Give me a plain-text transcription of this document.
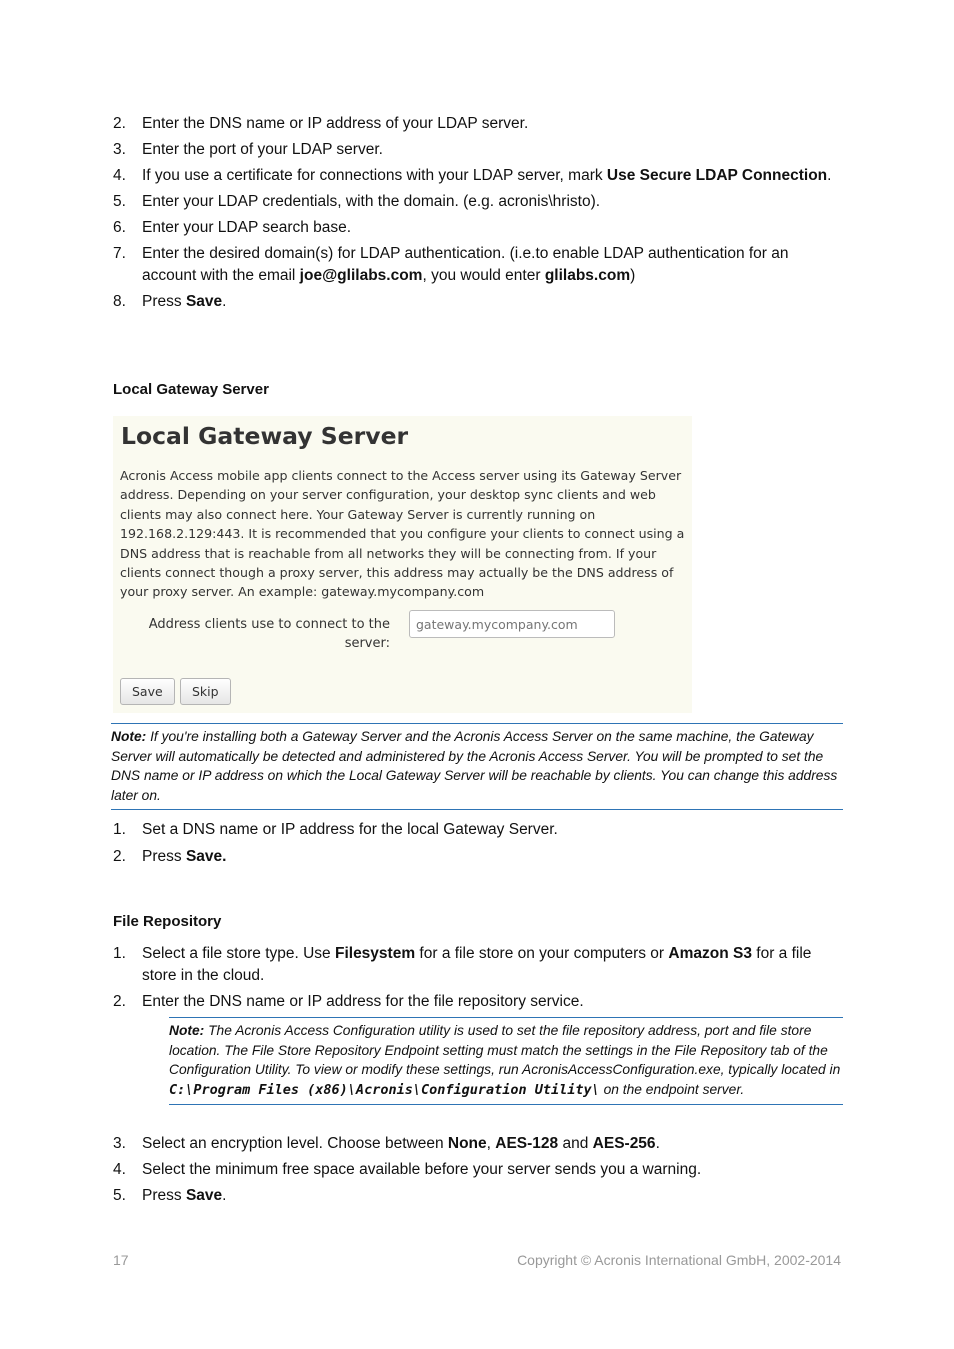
2. Enter the DNS name or IP address of your LDAP server.
3. Enter the port of your LDAP server.
4. If you use a certificate for connections with your LDAP server, mark Use Secure LDAP Connection.
5. Enter your LDAP credentials, with the domain. (e.g. acronis\hristo).
6. Enter your LDAP search base.
7. Enter the desired domain(s) for LDAP authentication. (i.e.to enable LDAP authentication for an account with the email joe@glilabs.com, you would enter glilabs.com)
8. Press Save.
Local Gateway Server
Local Gateway Server
Acronis Access mobile app clients connect to the Access server using its Gateway Server address. Depending on your server configuration, your desktop sync clients and web clients may also connect here. Your Gateway Server is currently running on 192.168.2.129:443. It is recommended that you configure your clients to connect using a DNS address that is reachable from all networks they will be connecting from. If your clients connect though a proxy server, this address may actually be the DNS address of your proxy server. An example: gateway.mycompany.com
Address clients use to connect to the server:
gateway.mycompany.com
Save	Skip
Note: If you're installing both a Gateway Server and the Acronis Access Server on the same machine, the Gateway Server will automatically be detected and administered by the Acronis Access Server. You will be prompted to set the DNS name or IP address on which the Local Gateway Server will be reachable by clients. You can change this address later on.
1. Set a DNS name or IP address for the local Gateway Server.
2. Press Save.
File Repository
1. Select a file store type. Use Filesystem for a file store on your computers or Amazon S3 for a file store in the cloud.
2. Enter the DNS name or IP address for the file repository service.
Note: The Acronis Access Configuration utility is used to set the file repository address, port and file store location. The File Store Repository Endpoint setting must match the settings in the File Repository tab of the Configuration Utility. To view or modify these settings, run AcronisAccessConfiguration.exe, typically located in C:\Program Files (x86)\Acronis\Configuration Utility\ on the endpoint server.
3. Select an encryption level. Choose between None, AES-128 and AES-256.
4. Select the minimum free space available before your server sends you a warning.
5. Press Save.
17	Copyright © Acronis International GmbH, 2002-2014
